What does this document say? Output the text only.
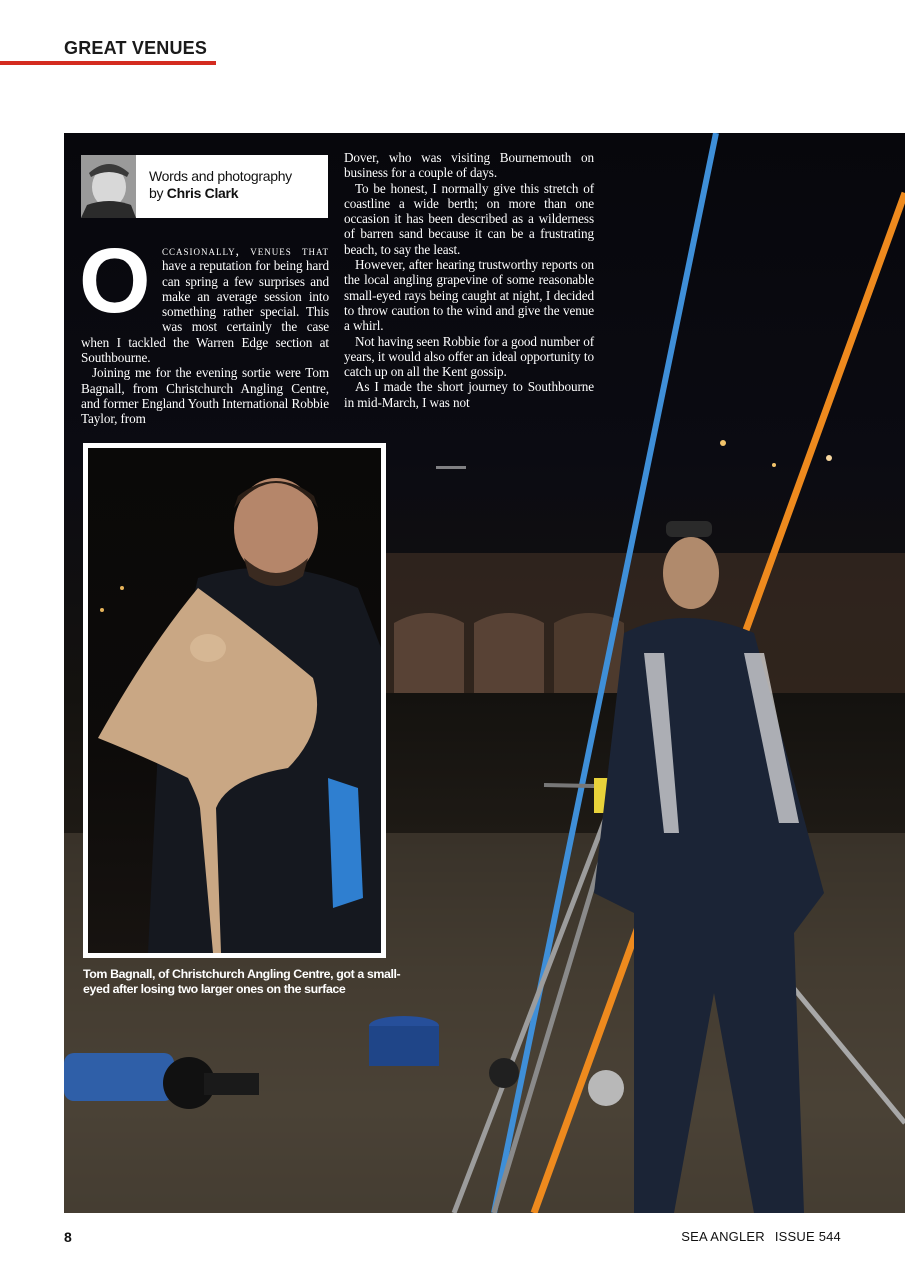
GREAT VENUES
Words and photography
by Chris Clark

Occasionally, venues that have a reputation for being hard can spring a few surprises and make an average session into something rather special. This was most certainly the case when I tackled the Warren Edge section at Southbourne.

Joining me for the evening sortie were Tom Bagnall, from Christchurch Angling Centre, and former England Youth International Robbie Taylor, from

Dover, who was visiting Bournemouth on business for a couple of days.

To be honest, I normally give this stretch of coastline a wide berth; on more than one occasion it has been described as a wilderness of barren sand because it can be a frustrating beach, to say the least.

However, after hearing trustworthy reports on the local angling grapevine of some reasonable small-eyed rays being caught at night, I decided to throw caution to the wind and give the venue a whirl.

Not having seen Robbie for a good number of years, it would also offer an ideal opportunity to catch up on all the Kent gossip.

As I made the short journey to Southbourne in mid-March, I was not

Tom Bagnall, of Christchurch Angling Centre, got a small-eyed after losing two larger ones on the surface
8	SEA ANGLER ISSUE 544
